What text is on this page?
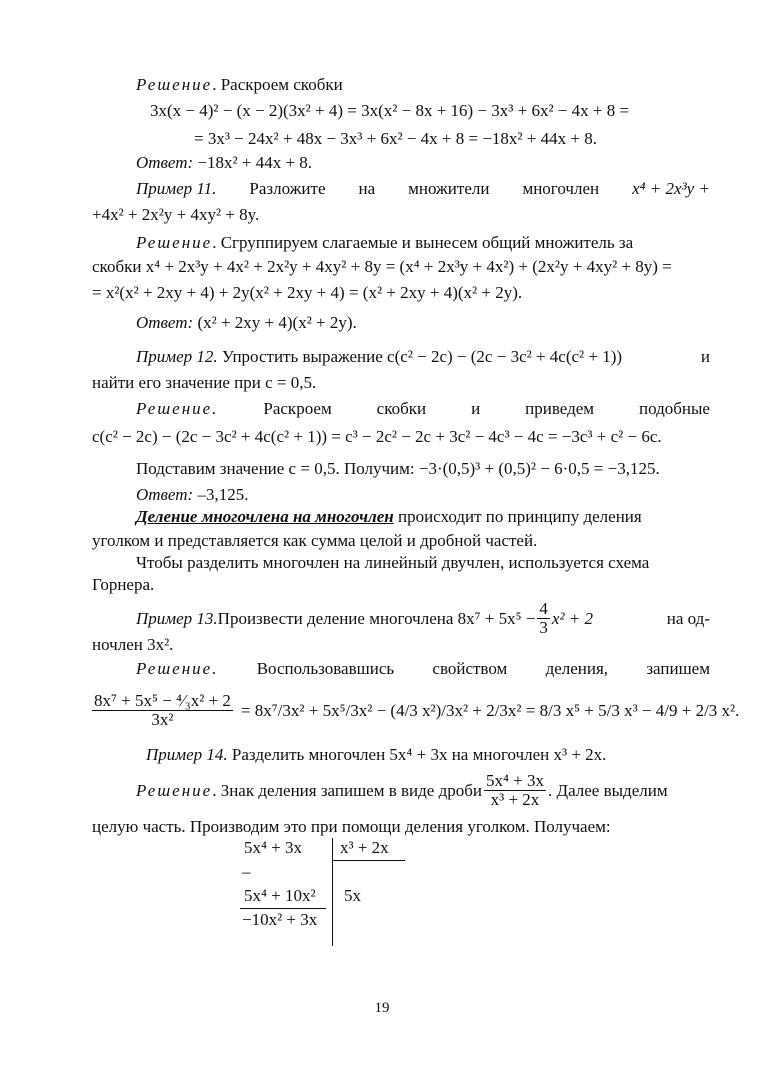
Решение. Раскроем скобки
3x(x − 4)² − (x − 2)(3x² + 4) = 3x(x² − 8x + 16) − 3x³ + 6x² − 4x + 8 =
= 3x³ − 24x² + 48x − 3x³ + 6x² − 4x + 8 = −18x² + 44x + 8.
Ответ: −18x² + 44x + 8.
Пример 11. Разложите на множители многочлен x⁴ + 2x³y +
+4x² + 2x²y + 4xy² + 8y.
Решение. Сгруппируем слагаемые и вынесем общий множитель за
скобки x⁴ + 2x³y + 4x² + 2x²y + 4xy² + 8y = (x⁴ + 2x³y + 4x²) + (2x²y + 4xy² + 8y) =
= x²(x² + 2xy + 4) + 2y(x² + 2xy + 4) = (x² + 2xy + 4)(x² + 2y).
Ответ: (x² + 2xy + 4)(x² + 2y).
Пример 12. Упростить выражение c(c² − 2c) − (2c − 3c² + 4c(c² + 1))	и
найти его значение при c = 0,5.
Решение.	Раскроем	скобки	и	приведем	подобные
c(c² − 2c) − (2c − 3c² + 4c(c² + 1)) = c³ − 2c² − 2c + 3c² − 4c³ − 4c = −3c³ + c² − 6c.
Подставим значение c = 0,5. Получим: −3·(0,5)³ + (0,5)² − 6·0,5 = −3,125.
Ответ: –3,125.
Деление многочлена на многочлен происходит по принципу деления
уголком и представляется как сумма целой и дробной частей.
Чтобы разделить многочлен на линейный двучлен, используется схема
Горнера.
Пример 13. Произвести деление многочлена $8x^7 + 5x^5 - \frac{4}{3} x^2 + 2$	на од-
ночлен 3x².
Решение. Воспользовавшись свойством деления, запишем
$\frac{\text{8x⁷ + 5x⁵ − ⁴⁄₃x² + 2}}{\text{3x²}} = 8x^7/3x^2 + 5x^5/3x^2 - (4/3$ x²)/3x² + 2/3x² = 8/3 x⁵ + 5/3 x³ − 4/9 + 2/3 x².
Пример 14. Разделить многочлен 5x⁴ + 3x на многочлен x³ + 2x.
Решение . Знак деления запишем в виде дроби $\frac{\text{5x⁴ + 3x}}{\text{x³ + 2x}}$ . Далее выделим
целую часть. Производим это при помощи деления уголком. Получаем:
5x⁴ + 3x x³ + 2x
–
5x⁴ + 10x² 5x
−10x² + 3x
19
